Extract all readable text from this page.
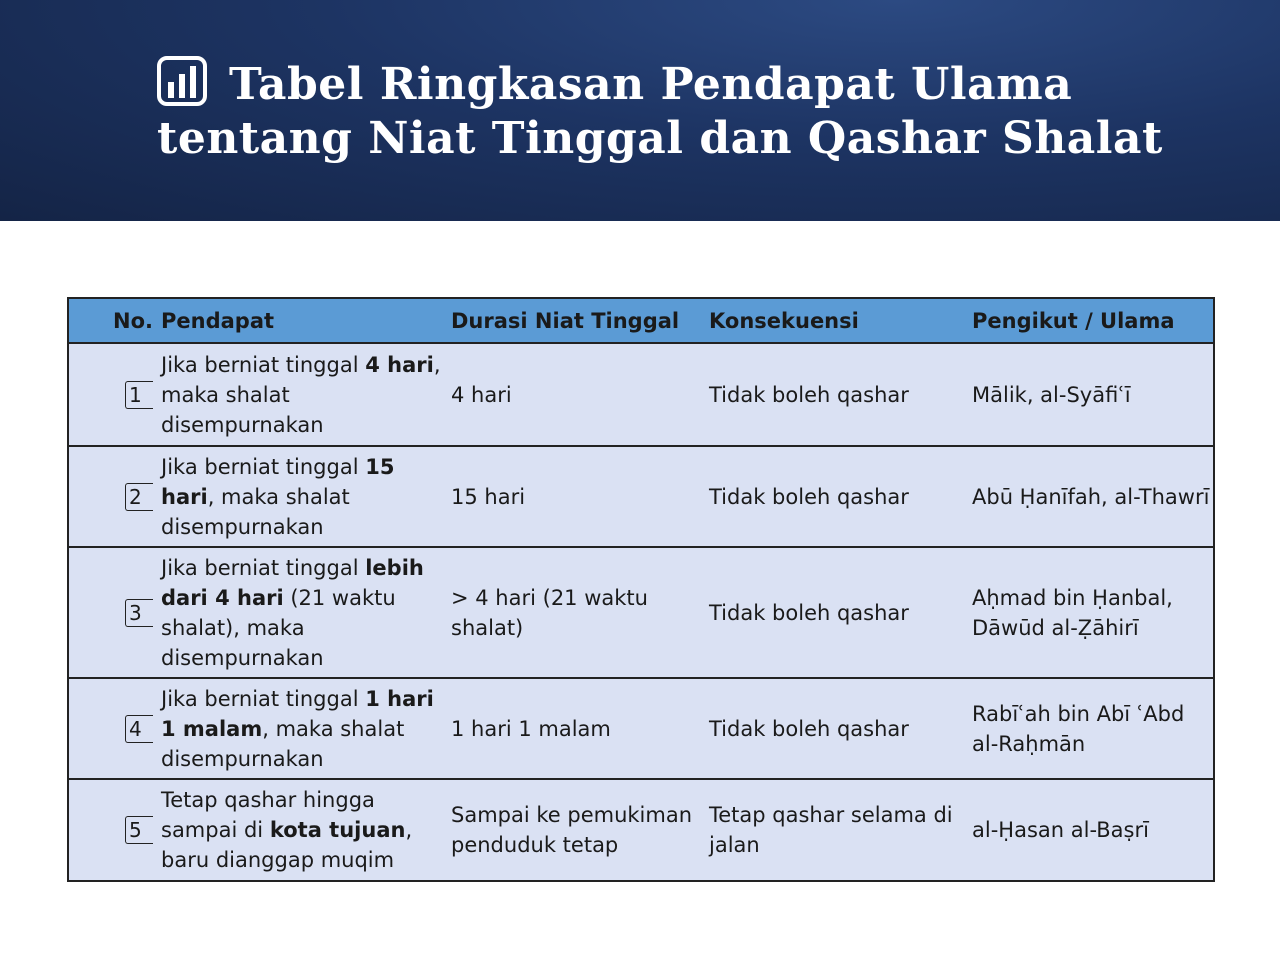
Tabel Ringkasan Pendapat Ulama
tentang Niat Tinggal dan Qashar Shalat
No.	Pendapat	Durasi Niat Tinggal	Konsekuensi	Pengikut / Ulama
1	Jika berniat tinggal 4 hari, maka shalat disempurnakan	4 hari	Tidak boleh qashar	Mālik, al-Syāfiʿī
2	Jika berniat tinggal 15 hari, maka shalat disempurnakan	15 hari	Tidak boleh qashar	Abū Ḥanīfah, al-Thawrī
3	Jika berniat tinggal lebih dari 4 hari (21 waktu shalat), maka disempurnakan	> 4 hari (21 waktu shalat)	Tidak boleh qashar	Aḥmad bin Ḥanbal, Dāwūd al-Ẓāhirī
4	Jika berniat tinggal 1 hari 1 malam, maka shalat disempurnakan	1 hari 1 malam	Tidak boleh qashar	Rabīʿah bin Abī ʿAbd al-Raḥmān
5	Tetap qashar hingga sampai di kota tujuan, baru dianggap muqim	Sampai ke pemukiman penduduk tetap	Tetap qashar selama di jalan	al-Ḥasan al-Baṣrī
